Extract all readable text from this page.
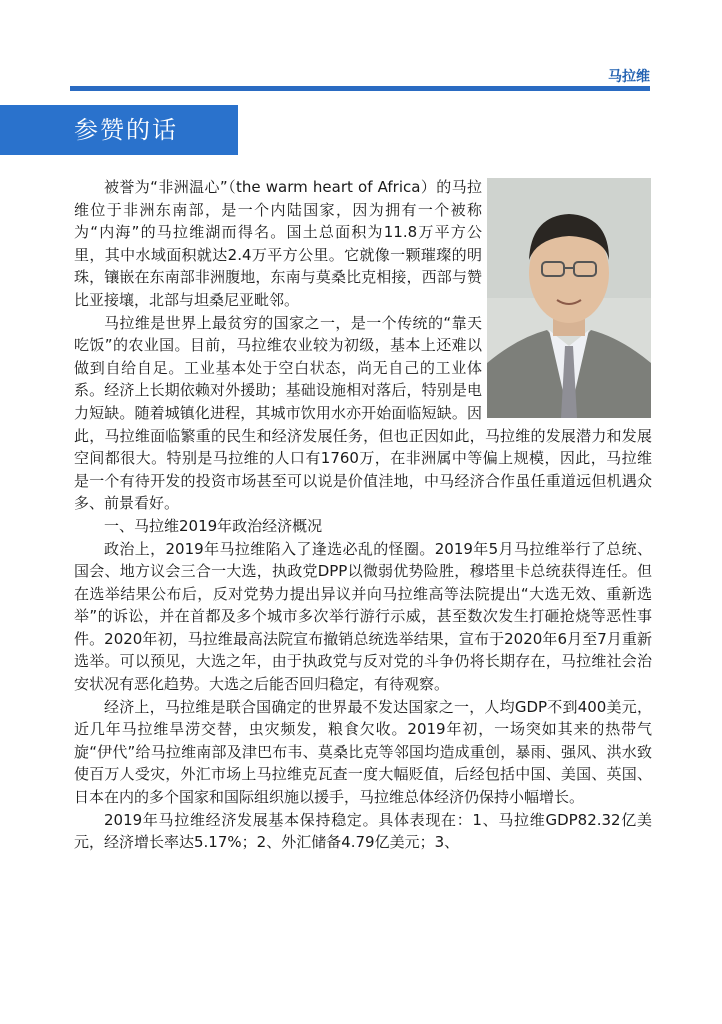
马拉维
参赞的话

被誉为“非洲温心”（the warm heart of Africa）的马拉维位于非洲东南部，是一个内陆国家，因为拥有一个被称为“内海”的马拉维湖而得名。国土总面积为11.8万平方公里，其中水域面积就达2.4万平方公里。它就像一颗璀璨的明珠，镶嵌在东南部非洲腹地，东南与莫桑比克相接，西部与赞比亚接壤，北部与坦桑尼亚毗邻。

马拉维是世界上最贫穷的国家之一，是一个传统的“靠天吃饭”的农业国。目前，马拉维农业较为初级，基本上还难以做到自给自足。工业基本处于空白状态，尚无自己的工业体系。经济上长期依赖对外援助；基础设施相对落后，特别是电力短缺。随着城镇化进程，其城市饮用水亦开始面临短缺。因此，马拉维面临繁重的民生和经济发展任务，但也正因如此，马拉维的发展潜力和发展空间都很大。特别是马拉维的人口有1760万，在非洲属中等偏上规模，因此，马拉维是一个有待开发的投资市场甚至可以说是价值洼地，中马经济合作虽任重道远但机遇众多、前景看好。

一、马拉维2019年政治经济概况

政治上，2019年马拉维陷入了逢选必乱的怪圈。2019年5月马拉维举行了总统、国会、地方议会三合一大选，执政党DPP以微弱优势险胜，穆塔里卡总统获得连任。但在选举结果公布后，反对党势力提出异议并向马拉维高等法院提出“大选无效、重新选举”的诉讼，并在首都及多个城市多次举行游行示威，甚至数次发生打砸抢烧等恶性事件。2020年初，马拉维最高法院宣布撤销总统选举结果，宣布于2020年6月至7月重新选举。可以预见，大选之年，由于执政党与反对党的斗争仍将长期存在，马拉维社会治安状况有恶化趋势。大选之后能否回归稳定，有待观察。

经济上，马拉维是联合国确定的世界最不发达国家之一，人均GDP不到400美元，近几年马拉维旱涝交替，虫灾频发，粮食欠收。2019年初，一场突如其来的热带气旋“伊代”给马拉维南部及津巴布韦、莫桑比克等邻国均造成重创，暴雨、强风、洪水致使百万人受灾，外汇市场上马拉维克瓦查一度大幅贬值，后经包括中国、美国、英国、日本在内的多个国家和国际组织施以援手，马拉维总体经济仍保持小幅增长。

2019年马拉维经济发展基本保持稳定。具体表现在：1、马拉维GDP82.32亿美元，经济增长率达5.17%；2、外汇储备4.79亿美元；3、
